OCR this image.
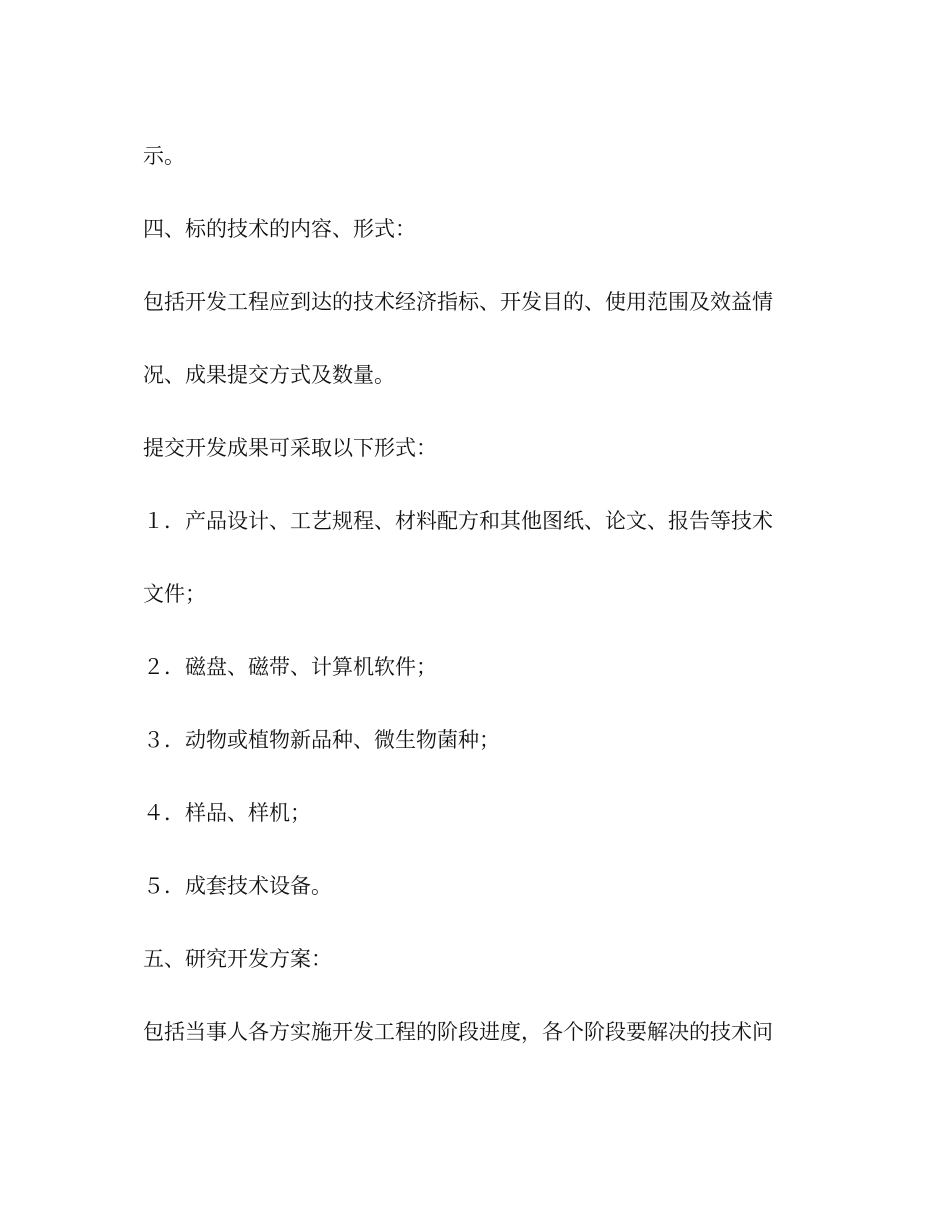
示。
四、标的技术的内容、形式：
包括开发工程应到达的技术经济指标、开发目的、使用范围及效益情
况、成果提交方式及数量。
提交开发成果可采取以下形式：
１．产品设计、工艺规程、材料配方和其他图纸、论文、报告等技术
文件；
２．磁盘、磁带、计算机软件；
３．动物或植物新品种、微生物菌种；
４．样品、样机；
５．成套技术设备。
五、研究开发方案：
包括当事人各方实施开发工程的阶段进度，各个阶段要解决的技术问
